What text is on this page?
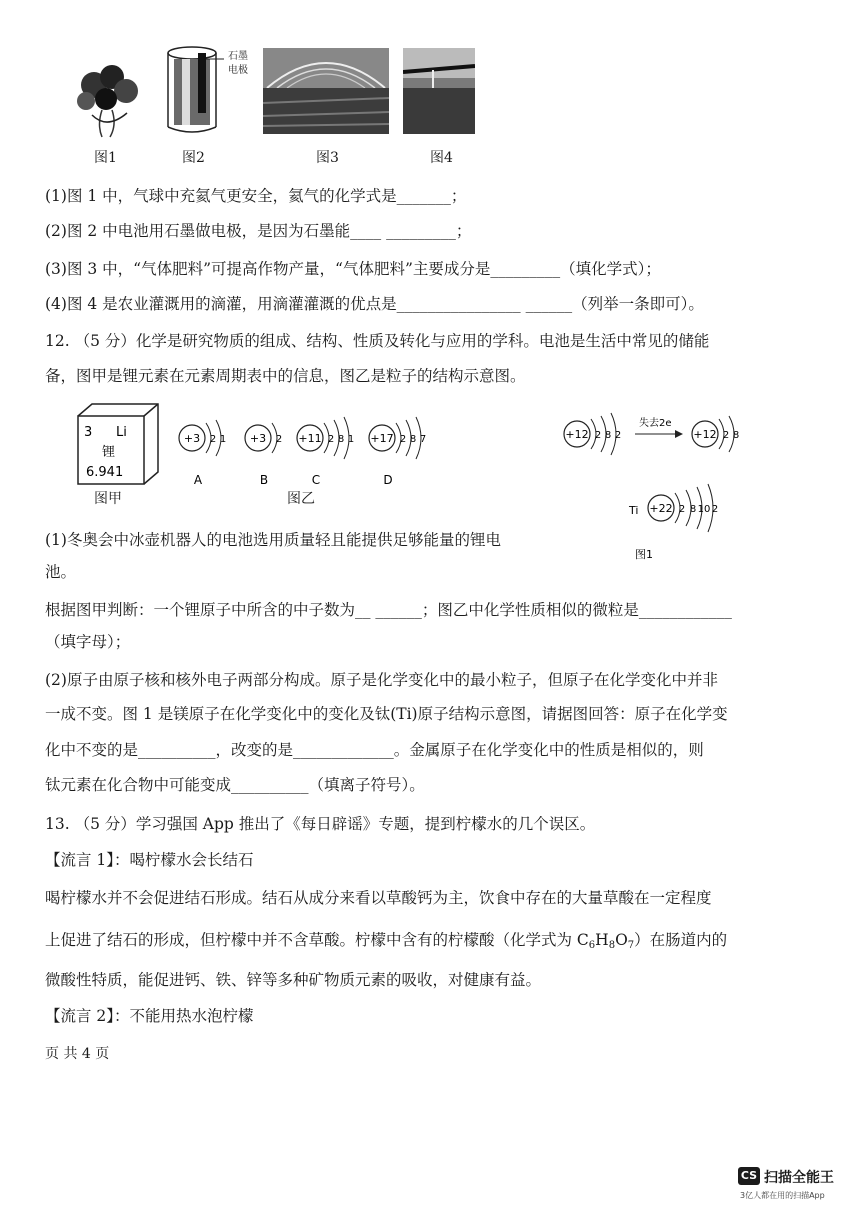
石墨
电极
图1	图2	图3	图4
(1)图 1 中，气球中充氦气更安全，氦气的化学式是_______；
(2)图 2 中电池用石墨做电极，是因为石墨能____ _________；
(3)图 3 中，“气体肥料”可提高作物产量，“气体肥料”主要成分是_________（填化学式）；
(4)图 4 是农业灌溉用的滴灌，用滴灌灌溉的优点是________________ ______（列举一条即可）。
12. （5 分）化学是研究物质的组成、结构、性质及转化与应用的学科。电池是生活中常见的储能
备，图甲是锂元素在元素周期表中的信息，图乙是粒子的结构示意图。
3 Li
锂
6.941
图甲
+3 2 1
A
+3 2
B
+11 2 8 1
C
+17 2 8 7
D
图乙
失去2e
Ti
图1
+12 2 8 2	+12 2 8
+22 2 8 10 2
(1)冬奥会中冰壶机器人的电池选用质量轻且能提供足够能量的锂电
池。
根据图甲判断：一个锂原子中所含的中子数为__ ______；图乙中化学性质相似的微粒是____________
（填字母）；
(2)原子由原子核和核外电子两部分构成。原子是化学变化中的最小粒子，但原子在化学变化中并非
一成不变。图 1 是镁原子在化学变化中的变化及钛(Ti)原子结构示意图，请据图回答：原子在化学变
化中不变的是__________，改变的是_____________。金属原子在化学变化中的性质是相似的，则
钛元素在化合物中可能变成__________（填离子符号）。
13. （5 分）学习强国 App 推出了《每日辟谣》专题，提到柠檬水的几个误区。
【流言 1】：喝柠檬水会长结石
喝柠檬水并不会促进结石形成。结石从成分来看以草酸钙为主，饮食中存在的大量草酸在一定程度
上促进了结石的形成，但柠檬中并不含草酸。柠檬中含有的柠檬酸（化学式为 $C_6H_8O_7$）在肠道内的
微酸性特质，能促进钙、铁、锌等多种矿物质元素的吸收，对健康有益。
【流言 2】：不能用热水泡柠檬
页 共 4 页
CS 扫描全能王
3亿人都在用的扫描App
